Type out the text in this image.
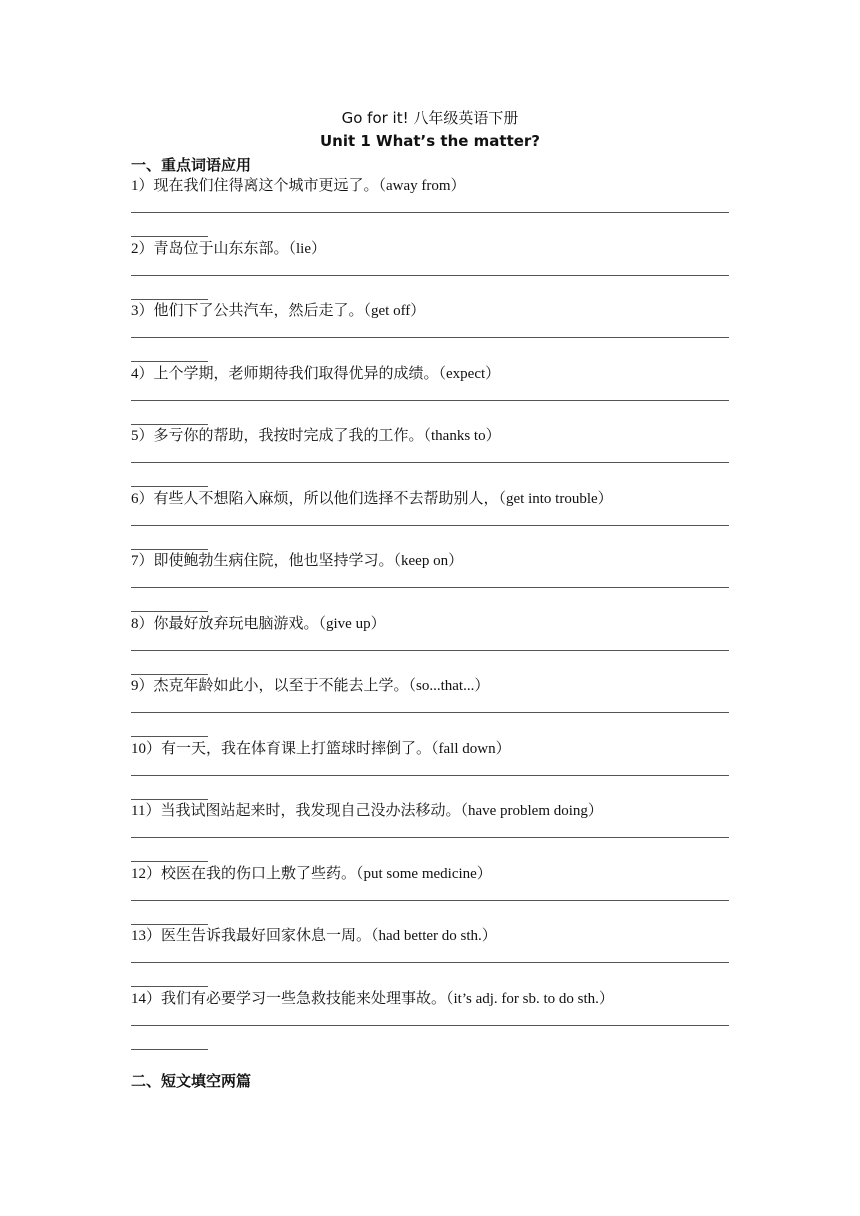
Go for it! 八年级英语下册
Unit 1 What’s the matter?
一、重点词语应用
1）现在我们住得离这个城市更远了。（away from）
2）青岛位于山东东部。（lie）
3）他们下了公共汽车，然后走了。（get off）
4）上个学期，老师期待我们取得优异的成绩。（expect）
5）多亏你的帮助，我按时完成了我的工作。（thanks to）
6）有些人不想陷入麻烦，所以他们选择不去帮助别人，（get into trouble）
7）即使鲍勃生病住院，他也坚持学习。（keep on）
8）你最好放弃玩电脑游戏。（give up）
9）杰克年龄如此小，以至于不能去上学。（so...that...）
10）有一天，我在体育课上打篮球时摔倒了。（fall down）
11）当我试图站起来时，我发现自己没办法移动。（have problem doing）
12）校医在我的伤口上敷了些药。（put some medicine）
13）医生告诉我最好回家休息一周。（had better do sth.）
14）我们有必要学习一些急救技能来处理事故。（it’s adj. for sb. to do sth.）
二、短文填空两篇
